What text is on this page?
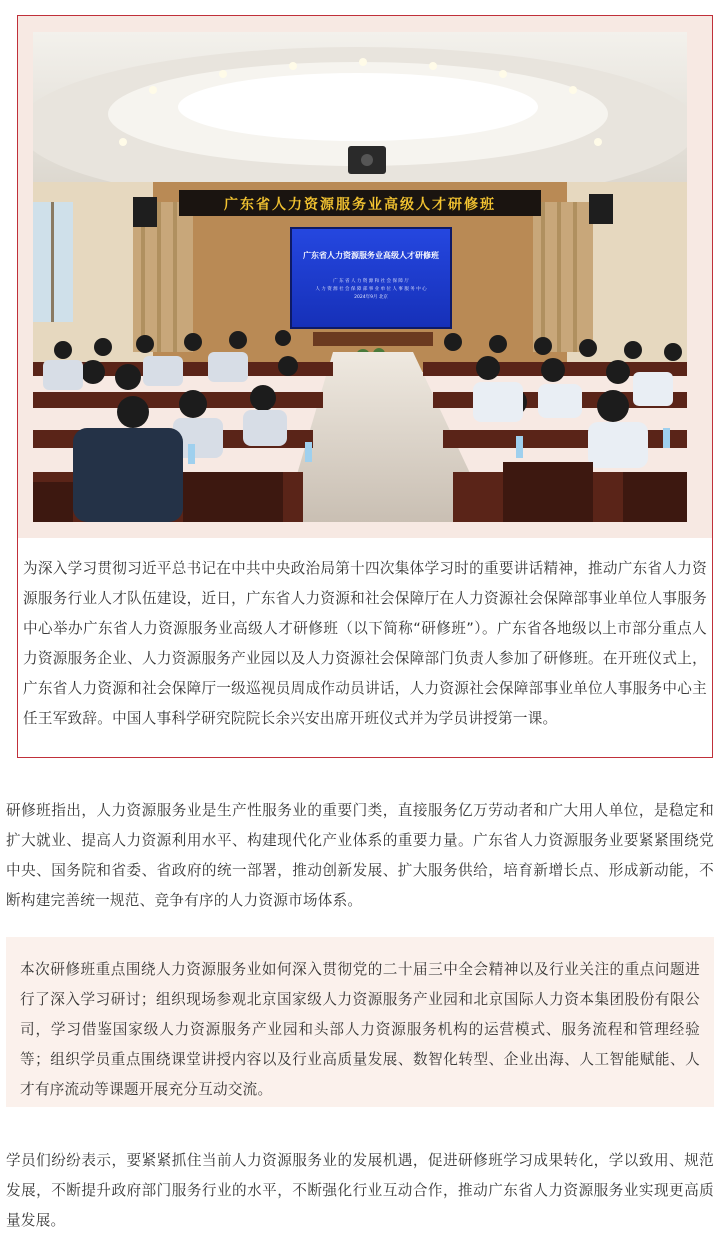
广东省人力资源服务业高级人才研修班
广东省人力资源服务业高级人才研修班
广 东 省 人 力 资 源 和 社 会 保 障 厅
人 力 资 源 社 会 保 障 部 事 业 单 位 人 事 服 务 中 心
2024年9月 北京

为深入学习贯彻习近平总书记在中共中央政治局第十四次集体学习时的重要讲话精神，推动广东省人力资源服务行业人才队伍建设，近日，广东省人力资源和社会保障厅在人力资源社会保障部事业单位人事服务中心举办广东省人力资源服务业高级人才研修班（以下简称“研修班”）。广东省各地级以上市部分重点人力资源服务企业、人力资源服务产业园以及人力资源社会保障部门负责人参加了研修班。在开班仪式上，广东省人力资源和社会保障厅一级巡视员周成作动员讲话，人力资源社会保障部事业单位人事服务中心主任王军致辞。中国人事科学研究院院长余兴安出席开班仪式并为学员讲授第一课。

研修班指出，人力资源服务业是生产性服务业的重要门类，直接服务亿万劳动者和广大用人单位，是稳定和扩大就业、提高人力资源利用水平、构建现代化产业体系的重要力量。广东省人力资源服务业要紧紧围绕党中央、国务院和省委、省政府的统一部署，推动创新发展、扩大服务供给，培育新增长点、形成新动能，不断构建完善统一规范、竞争有序的人力资源市场体系。

本次研修班重点围绕人力资源服务业如何深入贯彻党的二十届三中全会精神以及行业关注的重点问题进行了深入学习研讨；组织现场参观北京国家级人力资源服务产业园和北京国际人力资本集团股份有限公司，学习借鉴国家级人力资源服务产业园和头部人力资源服务机构的运营模式、服务流程和管理经验等；组织学员重点围绕课堂讲授内容以及行业高质量发展、数智化转型、企业出海、人工智能赋能、人才有序流动等课题开展充分互动交流。

学员们纷纷表示，要紧紧抓住当前人力资源服务业的发展机遇，促进研修班学习成果转化，学以致用、规范发展，不断提升政府部门服务行业的水平，不断强化行业互动合作，推动广东省人力资源服务业实现更高质量发展。
